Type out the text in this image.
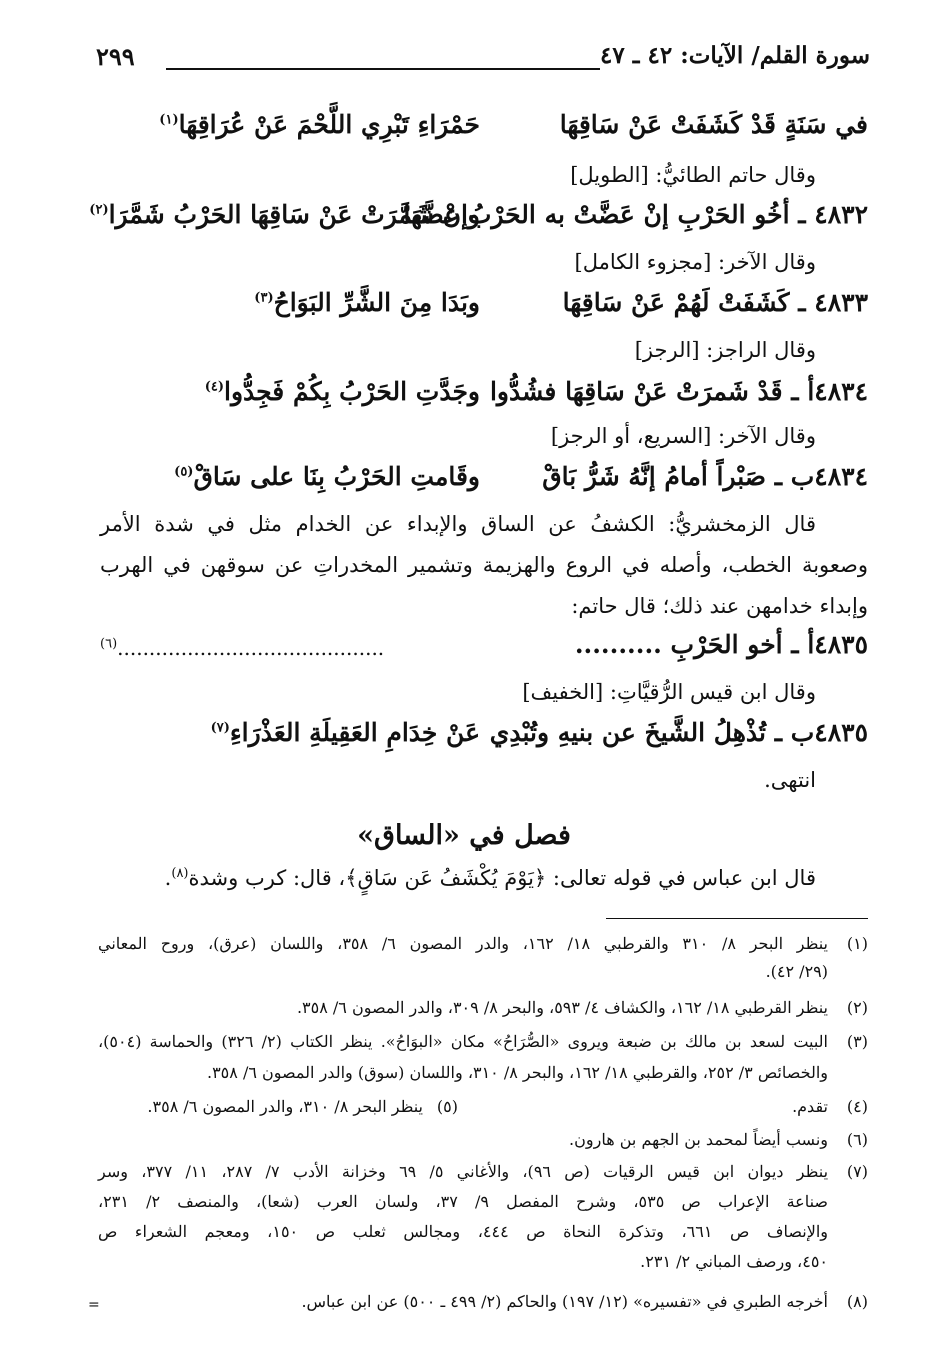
٢٩٩	سورة القلم/ الآيات: ٤٢ ـ ٤٧
في سَنَةٍ قَدْ كَشَفَتْ عَنْ سَاقِهَا
حَمْرَاءِ تَبْرِي اللَّحْمَ عَنْ عُرَاقِهَا$^{(١)}$
وقال حاتم الطائيُّ: [الطويل]
٤٨٣٢ ـ أخُو الحَرْبِ إنْ عَضَّتْ به الحَرْبُ عضَّهَا
وإنْ شَمَّرَتْ عَنْ سَاقِهَا الحَرْبُ شَمَّرَا$^{(٢)}$
وقال الآخر: [مجزوء الكامل]
٤٨٣٣ ـ كَشَفَتْ لَهُمْ عَنْ سَاقِهَا
وبَدَا مِنَ الشَّرِّ البَوَاحُ$^{(٣)}$
وقال الراجز: [الرجز]
٤٨٣٤أ ـ قَدْ شَمرَتْ عَنْ سَاقِهَا فشُدُّوا
وجَدَّتِ الحَرْبُ بِكُمْ فَجِدُّوا$^{(٤)}$
وقال الآخر: [السريع، أو الرجز]
٤٨٣٤ب ـ صَبْراً أمامُ إنَّهُ شَرُّ بَاقْ
وقَامتِ الحَرْبُ بِنَا على سَاقْ$^{(٥)}$
قال الزمخشريُّ: الكشفُ عن الساق والإبداء عن الخدام مثل في شدة الأمر
وصعوبة الخطب، وأصله في الروع والهزيمة وتشمير المخدراتِ عن سوقهن في الهرب
وإبداء خدامهن عند ذلك؛ قال حاتم:
٤٨٣٥أ ـ أخو الحَرْبِ ..........
..........................................$^{(٦)}$
وقال ابن قيس الرُّقيَّاتِ: [الخفيف]
٤٨٣٥ب ـ تُذْهِلُ الشَّيخَ عن بنيهِ وتُبْدِي
عَنْ خِدَامِ العَقِيلَةِ العَذْرَاءِ$^{(٧)}$
انتهى.
فصل في «الساق»
قال ابن عباس في قوله تعالى: ﴿يَوْمَ يُكْشَفُ عَن سَاقٍ﴾، قال: كرب وشدة$^{(٨)}$.
(١)
ينظر البحر ٨/ ٣١٠ والقرطبي ١٨/ ١٦٢، والدر المصون ٦/ ٣٥٨، واللسان (عرق)، وروح المعاني
(٢٩/ ٤٢).
(٢)
ينظر القرطبي ١٨/ ١٦٢، والكشاف ٤/ ٥٩٣، والبحر ٨/ ٣٠٩، والدر المصون ٦/ ٣٥٨.
(٣)
البيت لسعد بن مالك بن ضبعة ويروى «الصُّرَاحُ» مكان «البوَاحُ». ينظر الكتاب (٢/ ٣٢٦) والحماسة (٥٠٤)،
والخصائص ٣/ ٢٥٢، والقرطبي ١٨/ ١٦٢، والبحر ٨/ ٣١٠، واللسان (سوق) والدر المصون ٦/ ٣٥٨.
(٤)
تقدم.
(٥)
ينظر البحر ٨/ ٣١٠، والدر المصون ٦/ ٣٥٨.
(٦)
ونسب أيضاً لمحمد بن الجهم بن هارون.
(٧)
ينظر ديوان ابن قيس الرقيات (ص ٩٦)، والأغاني ٥/ ٦٩ وخزانة الأدب ٧/ ٢٨٧، ١١/ ٣٧٧، وسر
صناعة الإعراب ص ٥٣٥، وشرح المفصل ٩/ ٣٧، ولسان العرب (شعا)، والمنصف ٢/ ٢٣١،
والإنصاف ص ٦٦١، وتذكرة النحاة ص ٤٤٤، ومجالس ثعلب ص ١٥٠، ومعجم الشعراء ص
٤٥٠، ورصف المباني ٢/ ٢٣١.
(٨)
أخرجه الطبري في «تفسيره» (١٢/ ١٩٧) والحاكم (٢/ ٤٩٩ ـ ٥٠٠) عن ابن عباس.
=
